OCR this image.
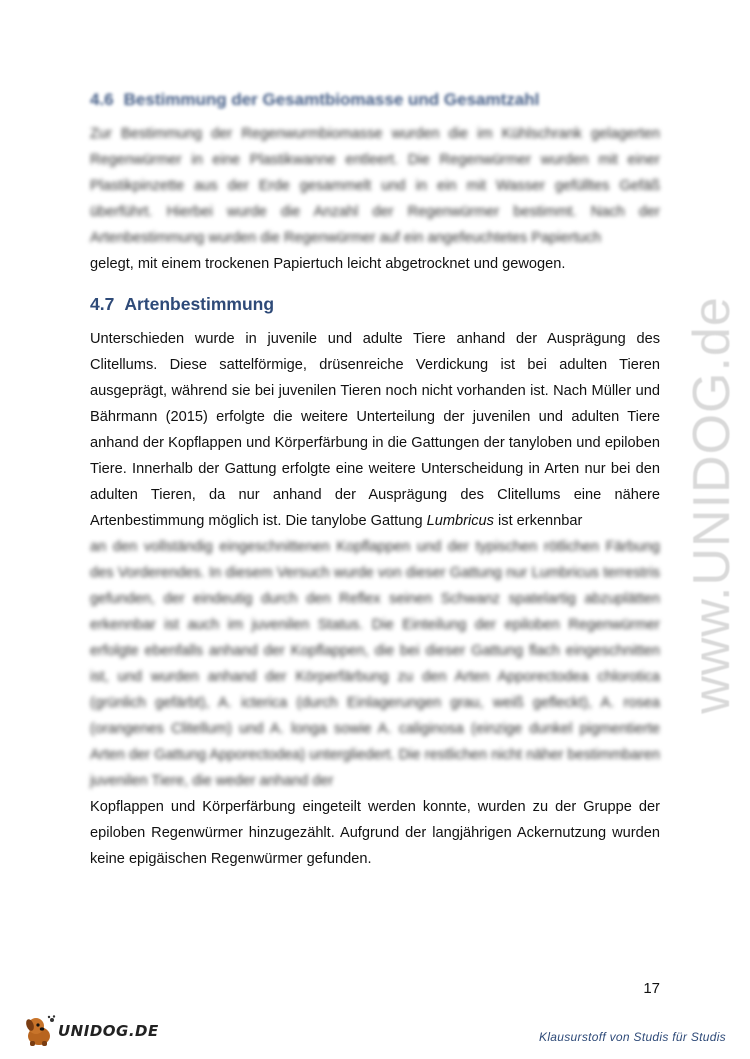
www.UNIDOG.de
4.6 Bestimmung der Gesamtbiomasse und Gesamtzahl

Zur Bestimmung der Regenwurmbiomasse wurden die im Kühlschrank gelagerten Regenwürmer in eine Plastikwanne entleert. Die Regenwürmer wurden mit einer Plastikpinzette aus der Erde gesammelt und in ein mit Wasser gefülltes Gefäß überführt. Hierbei wurde die Anzahl der Regenwürmer bestimmt. Nach der Artenbestimmung wurden die Regenwürmer auf ein angefeuchtetes Papiertuch

gelegt, mit einem trockenen Papiertuch leicht abgetrocknet und gewogen.

4.7 Artenbestimmung

Unterschieden wurde in juvenile und adulte Tiere anhand der Ausprägung des Clitellums. Diese sattelförmige, drüsenreiche Verdickung ist bei adulten Tieren ausgeprägt, während sie bei juvenilen Tieren noch nicht vorhanden ist. Nach Müller und Bährmann (2015) erfolgte die weitere Unterteilung der juvenilen und adulten Tiere anhand der Kopflappen und Körperfärbung in die Gattungen der tanyloben und epiloben Tiere. Innerhalb der Gattung erfolgte eine weitere Unterscheidung in Arten nur bei den adulten Tieren, da nur anhand der Ausprägung des Clitellums eine nähere Artenbestimmung möglich ist. Die tanylobe Gattung Lumbricus ist erkennbar

an den vollständig eingeschnittenen Kopflappen und der typischen rötlichen Färbung des Vorderendes. In diesem Versuch wurde von dieser Gattung nur Lumbricus terrestris gefunden, der eindeutig durch den Reflex seinen Schwanz spatelartig abzuplätten erkennbar ist auch im juvenilen Status. Die Einteilung der epiloben Regenwürmer erfolgte ebenfalls anhand der Kopflappen, die bei dieser Gattung flach eingeschnitten ist, und wurden anhand der Körperfärbung zu den Arten Apporectodea chlorotica (grünlich gefärbt), A. icterica (durch Einlagerungen grau, weiß gefleckt), A. rosea (orangenes Clitellum) und A. longa sowie A. caliginosa (einzige dunkel pigmentierte Arten der Gattung Apporectodea) untergliedert. Die restlichen nicht näher bestimmbaren juvenilen Tiere, die weder anhand der

Kopflappen und Körperfärbung eingeteilt werden konnte, wurden zu der Gruppe der epiloben Regenwürmer hinzugezählt. Aufgrund der langjährigen Ackernutzung wurden keine epigäischen Regenwürmer gefunden.

17
UNIDOG.DE	Klausurstoff von Studis für Studis
